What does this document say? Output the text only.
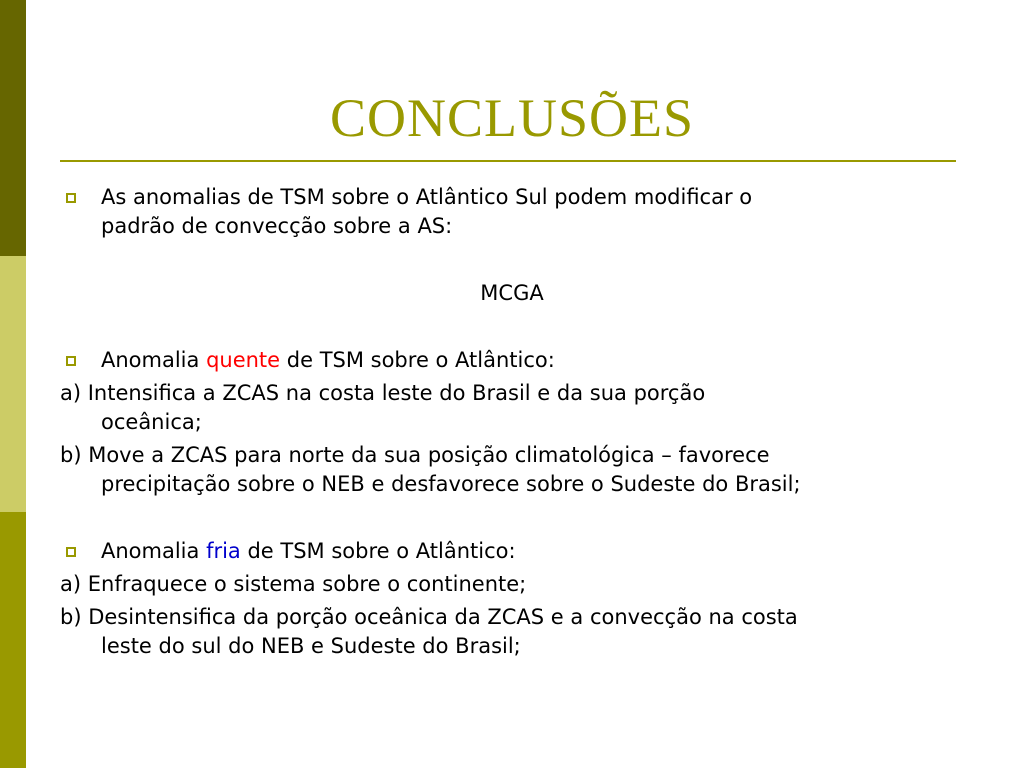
CONCLUSÕES
As anomalias de TSM sobre o Atlântico Sul podem modificar o
padrão de convecção sobre a AS:
MCGA
Anomalia quente de TSM sobre o Atlântico:
a) Intensifica a ZCAS na costa leste do Brasil e da sua porção
oceânica;
b) Move a ZCAS para norte da sua posição climatológica – favorece
precipitação sobre o NEB e desfavorece sobre o Sudeste do Brasil;
Anomalia fria de TSM sobre o Atlântico:
a) Enfraquece o sistema sobre o continente;
b) Desintensifica da porção oceânica da ZCAS e a convecção na costa
leste do sul do NEB e Sudeste do Brasil;
